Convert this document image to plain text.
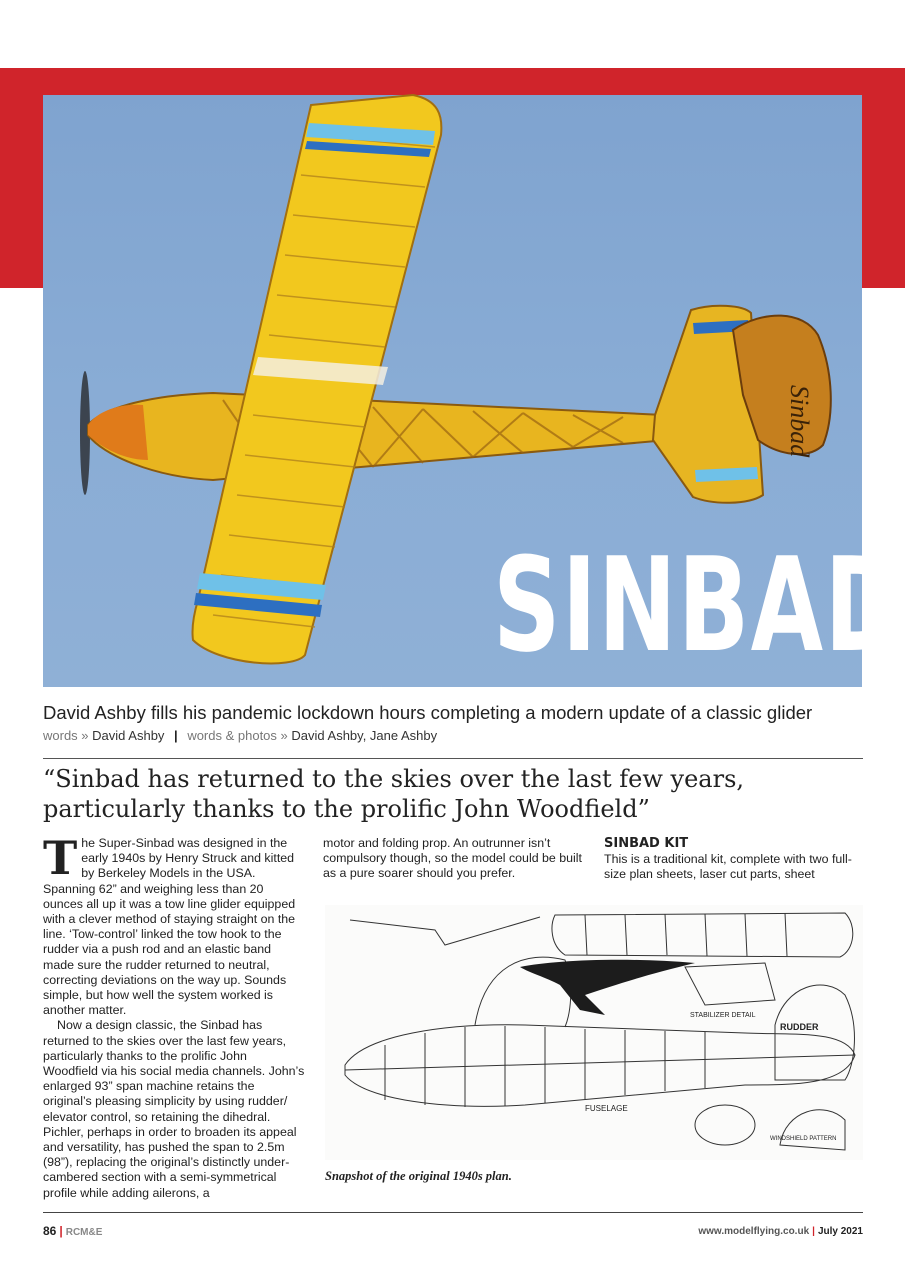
Sinbad
SINBAD
David Ashby fills his pandemic lockdown hours completing a modern update of a classic glider
words » David Ashby | words & photos » David Ashby, Jane Ashby
“Sinbad has returned to the skies over the last few years, particularly thanks to the prolific John Woodfield”

The Super-Sinbad was designed in the early 1940s by Henry Struck and kitted by Berkeley Models in the USA. Spanning 62” and weighing less than 20 ounces all up it was a tow line glider equipped with a clever method of staying straight on the line. ‘Tow-control’ linked the tow hook to the rudder via a push rod and an elastic band made sure the rudder returned to neutral, correcting deviations on the way up. Sounds simple, but how well the system worked is another matter.

Now a design classic, the Sinbad has returned to the skies over the last few years, particularly thanks to the prolific John Woodfield via his social media channels. John’s enlarged 93” span machine retains the original’s pleasing simplicity by using rudder/ elevator control, so retaining the dihedral. Pichler, perhaps in order to broaden its appeal and versatility, has pushed the span to 2.5m (98”), replacing the original’s distinctly under-cambered section with a semi-symmetrical profile while adding ailerons, a

motor and folding prop. An outrunner isn’t compulsory though, so the model could be built as a pure soarer should you prefer.

SINBAD KIT

This is a traditional kit, complete with two full-size plan sheets, laser cut parts, sheet

RUDDER
STABILIZER DETAIL
FUSELAGE
WINDSHIELD PATTERN
Snapshot of the original 1940s plan.
86 | RCM&E	www.modelflying.co.uk | July 2021
